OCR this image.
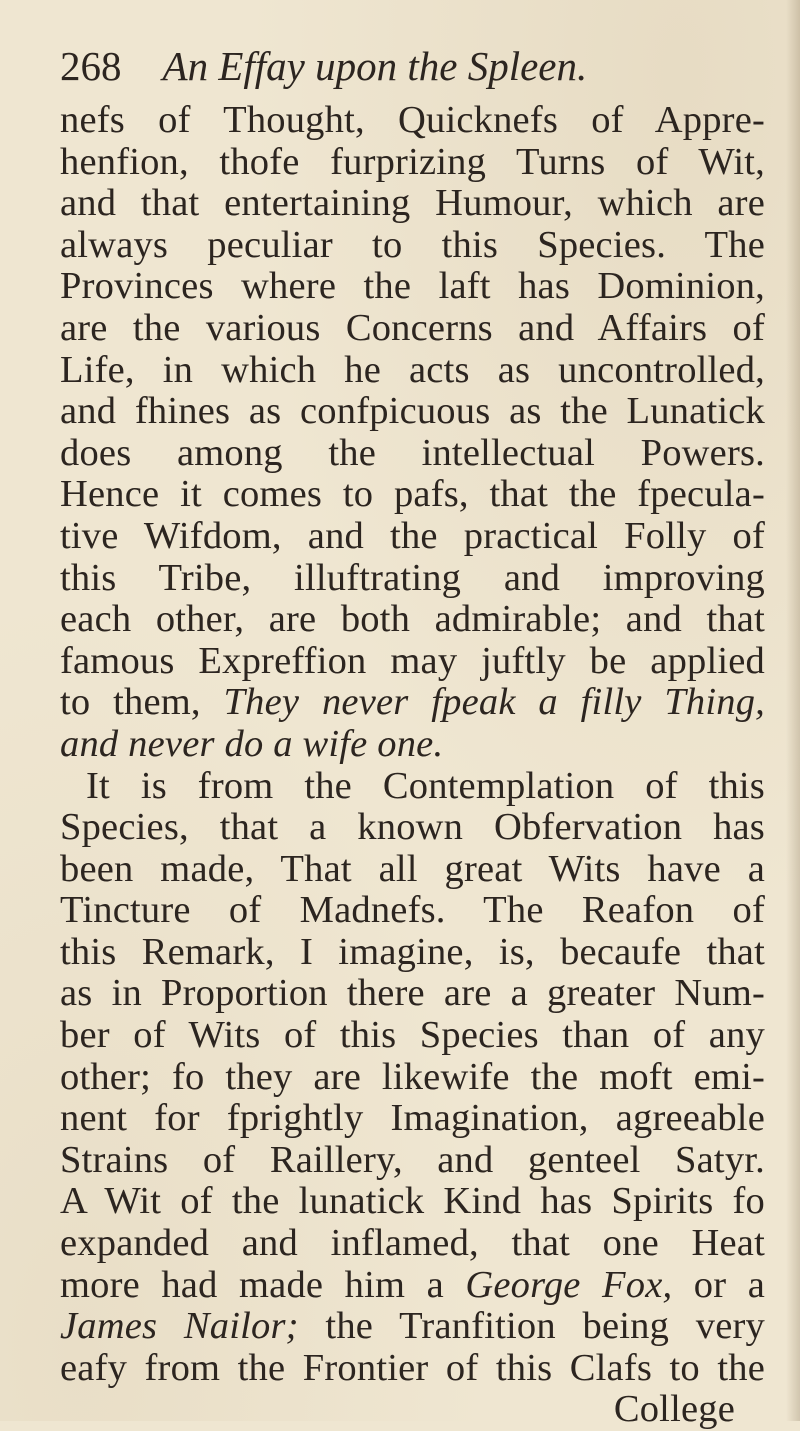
268 An Effay upon the Spleen.
nefs of Thought, Quicknefs of Appre-
henfion, thofe furprizing Turns of Wit,
and that entertaining Humour, which are
always peculiar to this Species. The
Provinces where the laft has Dominion,
are the various Concerns and Affairs of
Life, in which he acts as uncontrolled,
and fhines as confpicuous as the Lunatick
does among the intellectual Powers.
Hence it comes to pafs, that the fpecula-
tive Wifdom, and the practical Folly of
this Tribe, illuftrating and improving
each other, are both admirable; and that
famous Expreffion may juftly be applied
to them, They never fpeak a filly Thing,
and never do a wife one.
It is from the Contemplation of this
Species, that a known Obfervation has
been made, That all great Wits have a
Tincture of Madnefs. The Reafon of
this Remark, I imagine, is, becaufe that
as in Proportion there are a greater Num-
ber of Wits of this Species than of any
other; fo they are likewife the moft emi-
nent for fprightly Imagination, agreeable
Strains of Raillery, and genteel Satyr.
A Wit of the lunatick Kind has Spirits fo
expanded and inflamed, that one Heat
more had made him a George Fox, or a
James Nailor; the Tranfition being very
eafy from the Frontier of this Clafs to the
College
